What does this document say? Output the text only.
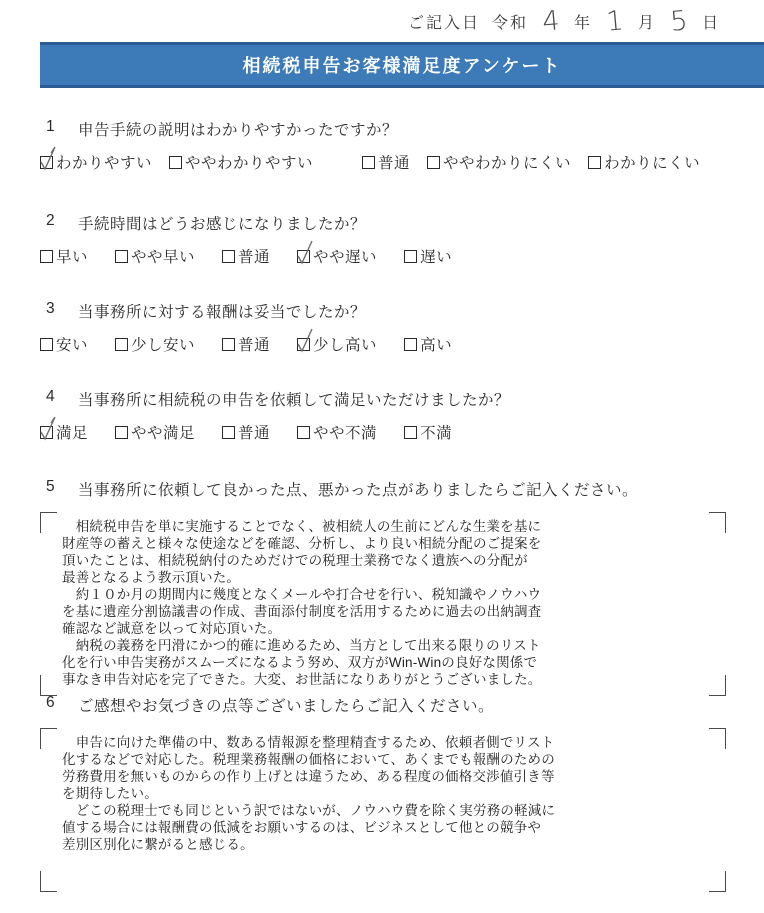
ご記入日 令和 4 年 1 月 5 日
相続税申告お客様満足度アンケート
1	申告手続の説明はわかりやすかったですか？
わかりやすい ややわかりやすい	普通 ややわかりにくい わかりにくい
2	手続時間はどうお感じになりましたか？
早い	やや早い	普通	やや遅い	遅い
3	当事務所に対する報酬は妥当でしたか？
安い	少し安い	普通	少し高い	高い
4	当事務所に相続税の申告を依頼して満足いただけましたか？
満足	やや満足	普通	やや不満	不満
5	当事務所に依頼して良かった点、悪かった点がありましたらご記入ください。
　相続税申告を単に実施することでなく、被相続人の生前にどんな生業を基に
財産等の蓄えと様々な使途などを確認、分析し、より良い相続分配のご提案を
頂いたことは、相続税納付のためだけでの税理士業務でなく遺族への分配が
最善となるよう教示頂いた。
　約１０か月の期間内に幾度となくメールや打合せを行い、税知識やノウハウ
を基に遺産分割協議書の作成、書面添付制度を活用するために過去の出納調査
確認など誠意を以って対応頂いた。
　納税の義務を円滑にかつ的確に進めるため、当方として出来る限りのリスト
化を行い申告実務がスムーズになるよう努め、双方がWin-Winの良好な関係で
事なき申告対応を完了できた。大変、お世話になりありがとうございました。
6	ご感想やお気づきの点等ございましたらご記入ください。
　申告に向けた準備の中、数ある情報源を整理精査するため、依頼者側でリスト
化するなどで対応した。税理業務報酬の価格において、あくまでも報酬のための
労務費用を無いものからの作り上げとは違うため、ある程度の価格交渉値引き等
を期待したい。
　どこの税理士でも同じという訳ではないが、ノウハウ費を除く実労務の軽減に
値する場合には報酬費の低減をお願いするのは、ビジネスとして他との競争や
差別区別化に繋がると感じる。
